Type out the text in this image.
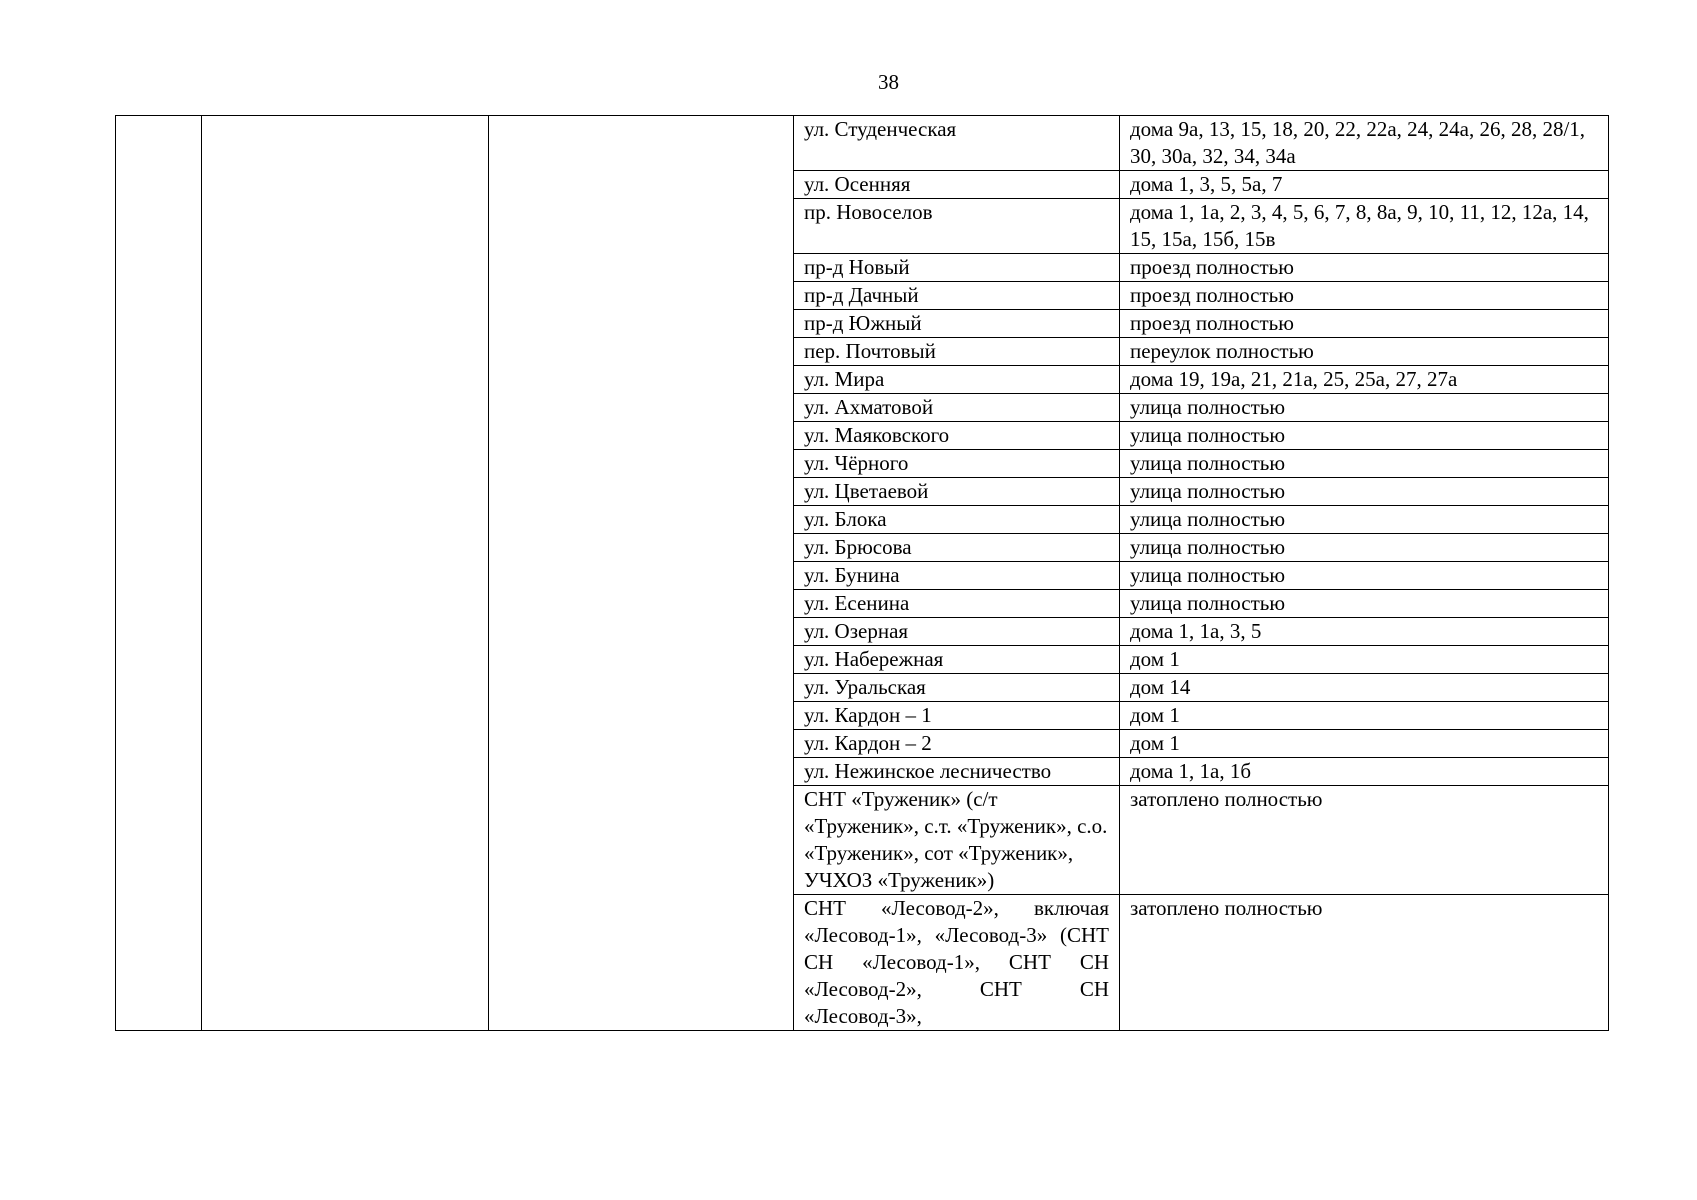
38
			ул. Студенческая	дома 9а, 13, 15, 18, 20, 22, 22а, 24, 24а, 26, 28, 28/1, 30, 30а, 32, 34, 34а
			ул. Осенняя	дома 1, 3, 5, 5а, 7
			пр. Новоселов	дома 1, 1а, 2, 3, 4, 5, 6, 7, 8, 8а, 9, 10, 11, 12, 12а, 14, 15, 15а, 15б, 15в
			пр-д Новый	проезд полностью
			пр-д Дачный	проезд полностью
			пр-д Южный	проезд полностью
			пер. Почтовый	переулок полностью
			ул. Мира	дома 19, 19а, 21, 21а, 25, 25а, 27, 27а
			ул. Ахматовой	улица полностью
			ул. Маяковского	улица полностью
			ул. Чёрного	улица полностью
			ул. Цветаевой	улица полностью
			ул. Блока	улица полностью
			ул. Брюсова	улица полностью
			ул. Бунина	улица полностью
			ул. Есенина	улица полностью
			ул. Озерная	дома 1, 1а, 3, 5
			ул. Набережная	дом 1
			ул. Уральская	дом 14
			ул. Кардон – 1	дом 1
			ул. Кардон – 2	дом 1
			ул. Нежинское лесничество	дома 1, 1а, 1б
			СНТ «Труженик» (с/т «Труженик», с.т. «Труженик», с.о. «Труженик», сот «Труженик», УЧХОЗ «Труженик»)	затоплено полностью
			СНТ «Лесовод-2», включая «Лесовод-1», «Лесовод-3» (СНТ СН «Лесовод-1», СНТ СН «Лесовод-2», СНТ СН «Лесовод-3»,	затоплено полностью
